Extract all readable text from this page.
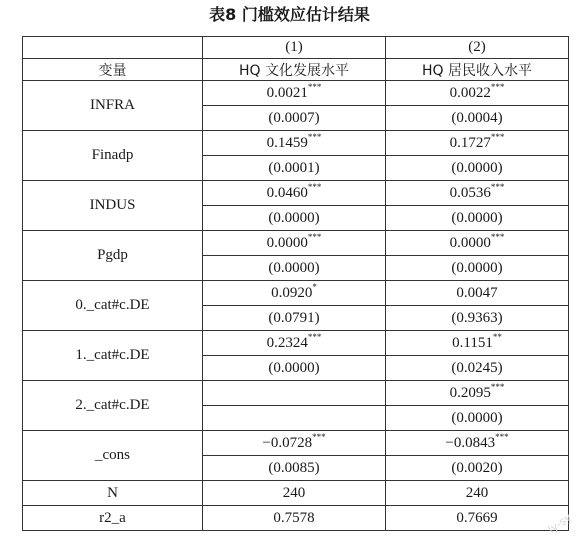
表8 门槛效应估计结果
	(1)	(2)
变量	HQ 文化发展水平	HQ 居民收入水平
INFRA	0.0021***	0.0022***
	(0.0007)	(0.0004)
Finadp	0.1459***	0.1727***
	(0.0001)	(0.0000)
INDUS	0.0460***	0.0536***
	(0.0000)	(0.0000)
Pgdp	0.0000***	0.0000***
	(0.0000)	(0.0000)
0._cat#c.DE	0.0920*	0.0047
	(0.0791)	(0.9363)
1._cat#c.DE	0.2324***	0.1151**
	(0.0000)	(0.0245)
2._cat#c.DE		0.2095***
		(0.0000)
_cons	−0.0728***	−0.0843***
	(0.0085)	(0.0020)
N	240	240
r2_a	0.7578	0.7669	ly-sy
